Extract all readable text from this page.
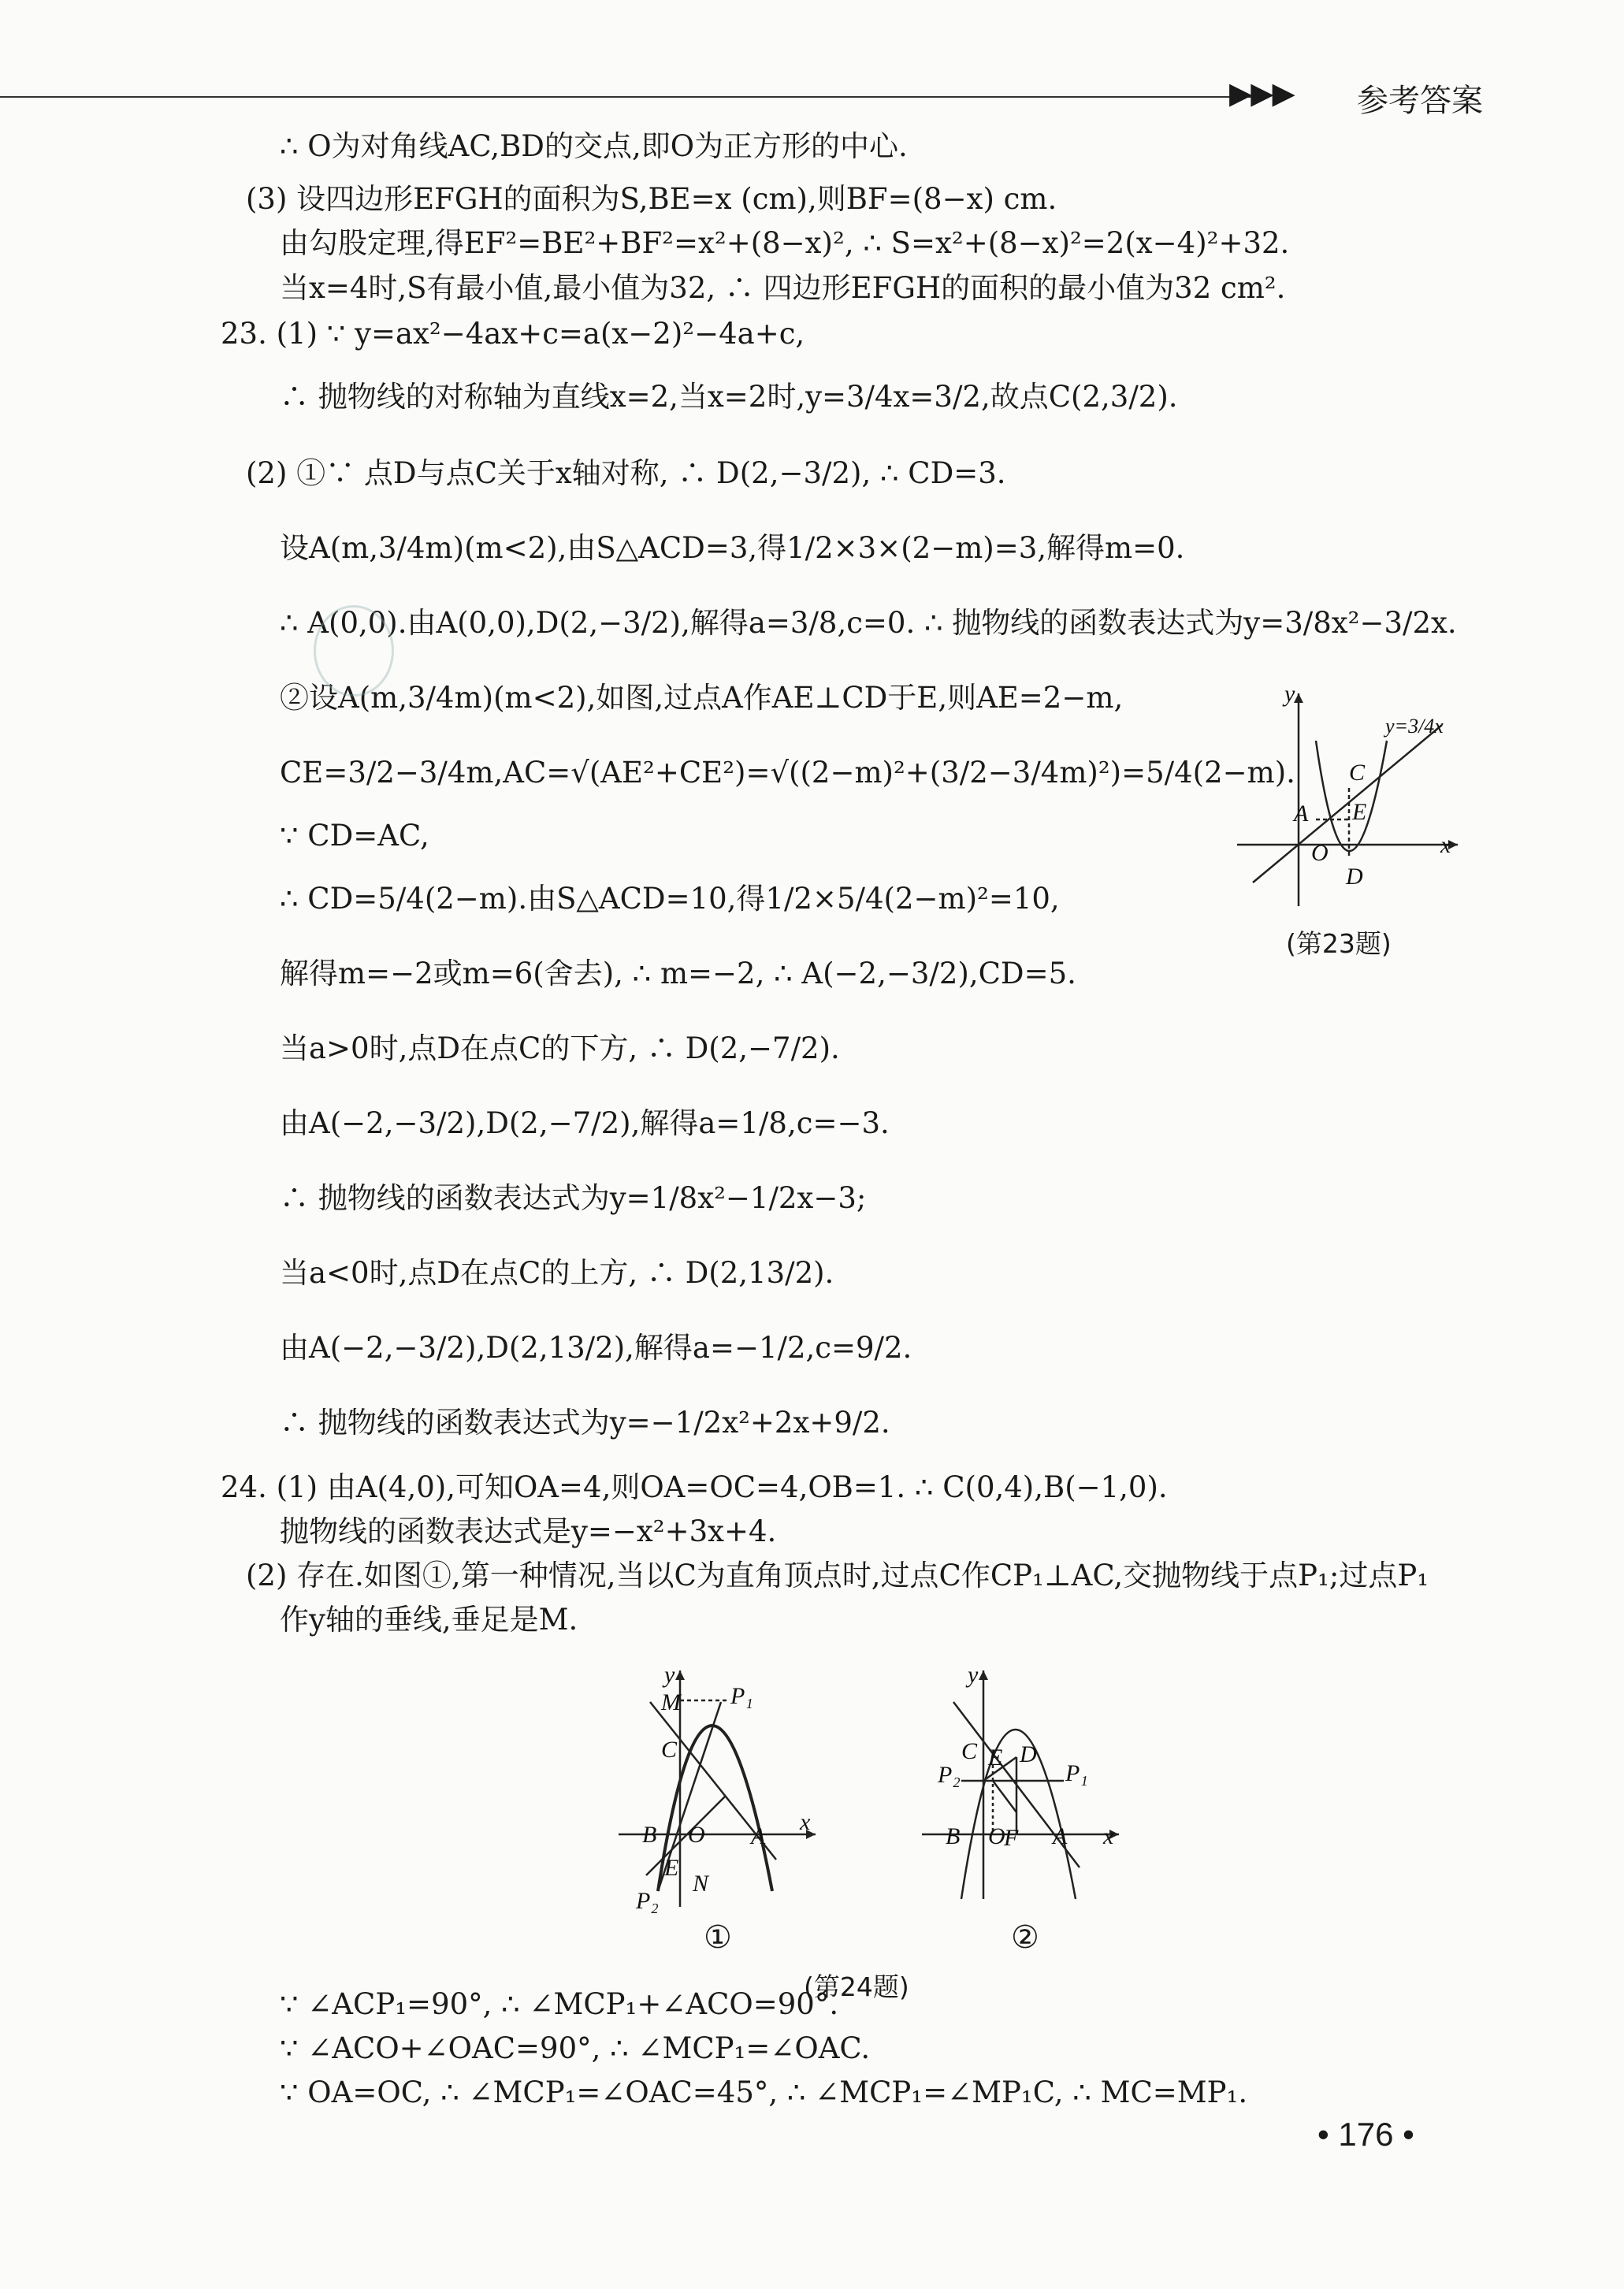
▶▶▶ 参考答案
∴ O为对角线AC,BD的交点,即O为正方形的中心.
(3) 设四边形EFGH的面积为S,BE=x (cm),则BF=(8−x) cm.
由勾股定理,得EF²=BE²+BF²=x²+(8−x)², ∴ S=x²+(8−x)²=2(x−4)²+32.
当x=4时,S有最小值,最小值为32, ∴ 四边形EFGH的面积的最小值为32 cm².
23. (1) ∵ y=ax²−4ax+c=a(x−2)²−4a+c,
∴ 抛物线的对称轴为直线x=2,当x=2时,y=3/4x=3/2,故点C(2,3/2).
(2) ①∵ 点D与点C关于x轴对称, ∴ D(2,−3/2), ∴ CD=3.
设A(m,3/4m)(m<2),由S△ACD=3,得1/2×3×(2−m)=3,解得m=0.
∴ A(0,0).由A(0,0),D(2,−3/2),解得a=3/8,c=0. ∴ 抛物线的函数表达式为y=3/8x²−3/2x.
②设A(m,3/4m)(m<2),如图,过点A作AE⊥CD于E,则AE=2−m,
CE=3/2−3/4m,AC=√(AE²+CE²)=√((2−m)²+(3/2−3/4m)²)=5/4(2−m).
∵ CD=AC,
∴ CD=5/4(2−m).由S△ACD=10,得1/2×5/4(2−m)²=10,
解得m=−2或m=6(舍去), ∴ m=−2, ∴ A(−2,−3/2),CD=5.
当a>0时,点D在点C的下方, ∴ D(2,−7/2).
由A(−2,−3/2),D(2,−7/2),解得a=1/8,c=−3.
∴ 抛物线的函数表达式为y=1/8x²−1/2x−3;
当a<0时,点D在点C的上方, ∴ D(2,13/2).
由A(−2,−3/2),D(2,13/2),解得a=−1/2,c=9/2.
∴ 抛物线的函数表达式为y=−1/2x²+2x+9/2.
24. (1) 由A(4,0),可知OA=4,则OA=OC=4,OB=1. ∴ C(0,4),B(−1,0).
抛物线的函数表达式是y=−x²+3x+4.
(2) 存在.如图①,第一种情况,当以C为直角顶点时,过点C作CP₁⊥AC,交抛物线于点P₁;过点P₁
作y轴的垂线,垂足是M.
∵ ∠ACP₁=90°, ∴ ∠MCP₁+∠ACO=90°.
∵ ∠ACO+∠OAC=90°, ∴ ∠MCP₁=∠OAC.
∵ OA=OC, ∴ ∠MCP₁=∠OAC=45°, ∴ ∠MCP₁=∠MP₁C, ∴ MC=MP₁.
y
x
O
A
C
E
D
y=3/4x
(第23题)
y
x
M P₁
C
B O A
E
N
P₂
①
y
x
C E D
P₁
P₂
B O
F A
②
(第24题)
• 176 •
